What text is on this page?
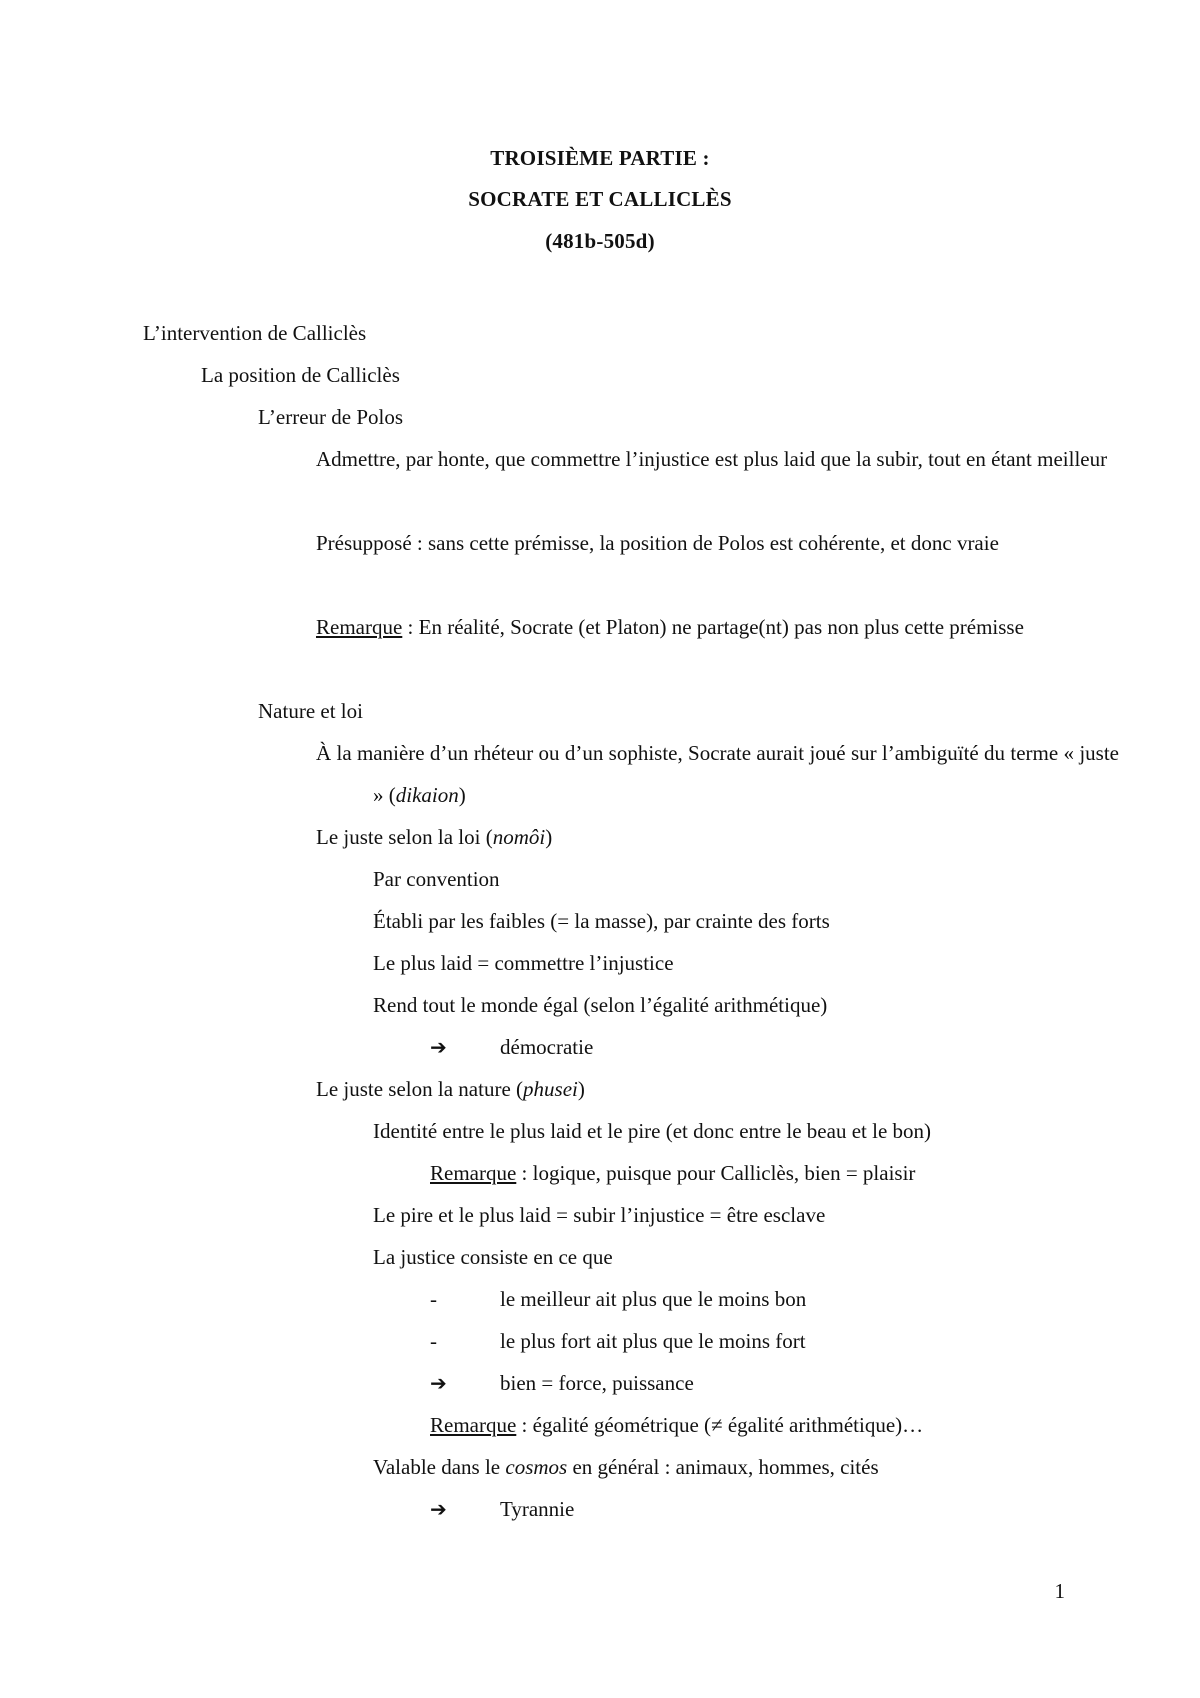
TROISIÈME PARTIE :
SOCRATE ET CALLICLÈS
(481b-505d)
L’intervention de Calliclès
La position de Calliclès
L’erreur de Polos
Admettre, par honte, que commettre l’injustice est plus laid que la subir, tout en étant meilleur
Présupposé : sans cette prémisse, la position de Polos est cohérente, et donc vraie
Remarque : En réalité, Socrate (et Platon) ne partage(nt) pas non plus cette prémisse
Nature et loi
À la manière d’un rhéteur ou d’un sophiste, Socrate aurait joué sur l’ambiguïté du terme « juste » (dikaion)
Le juste selon la loi (nomôi)
Par convention
Établi par les faibles (= la masse), par crainte des forts
Le plus laid = commettre l’injustice
Rend tout le monde égal (selon l’égalité arithmétique)
➔	démocratie
Le juste selon la nature (phusei)
Identité entre le plus laid et le pire (et donc entre le beau et le bon)
Remarque : logique, puisque pour Calliclès, bien = plaisir
Le pire et le plus laid = subir l’injustice = être esclave
La justice consiste en ce que
-	le meilleur ait plus que le moins bon
-	le plus fort ait plus que le moins fort
➔	bien = force, puissance
Remarque : égalité géométrique (≠ égalité arithmétique)…
Valable dans le cosmos en général : animaux, hommes, cités
➔	Tyrannie
1
